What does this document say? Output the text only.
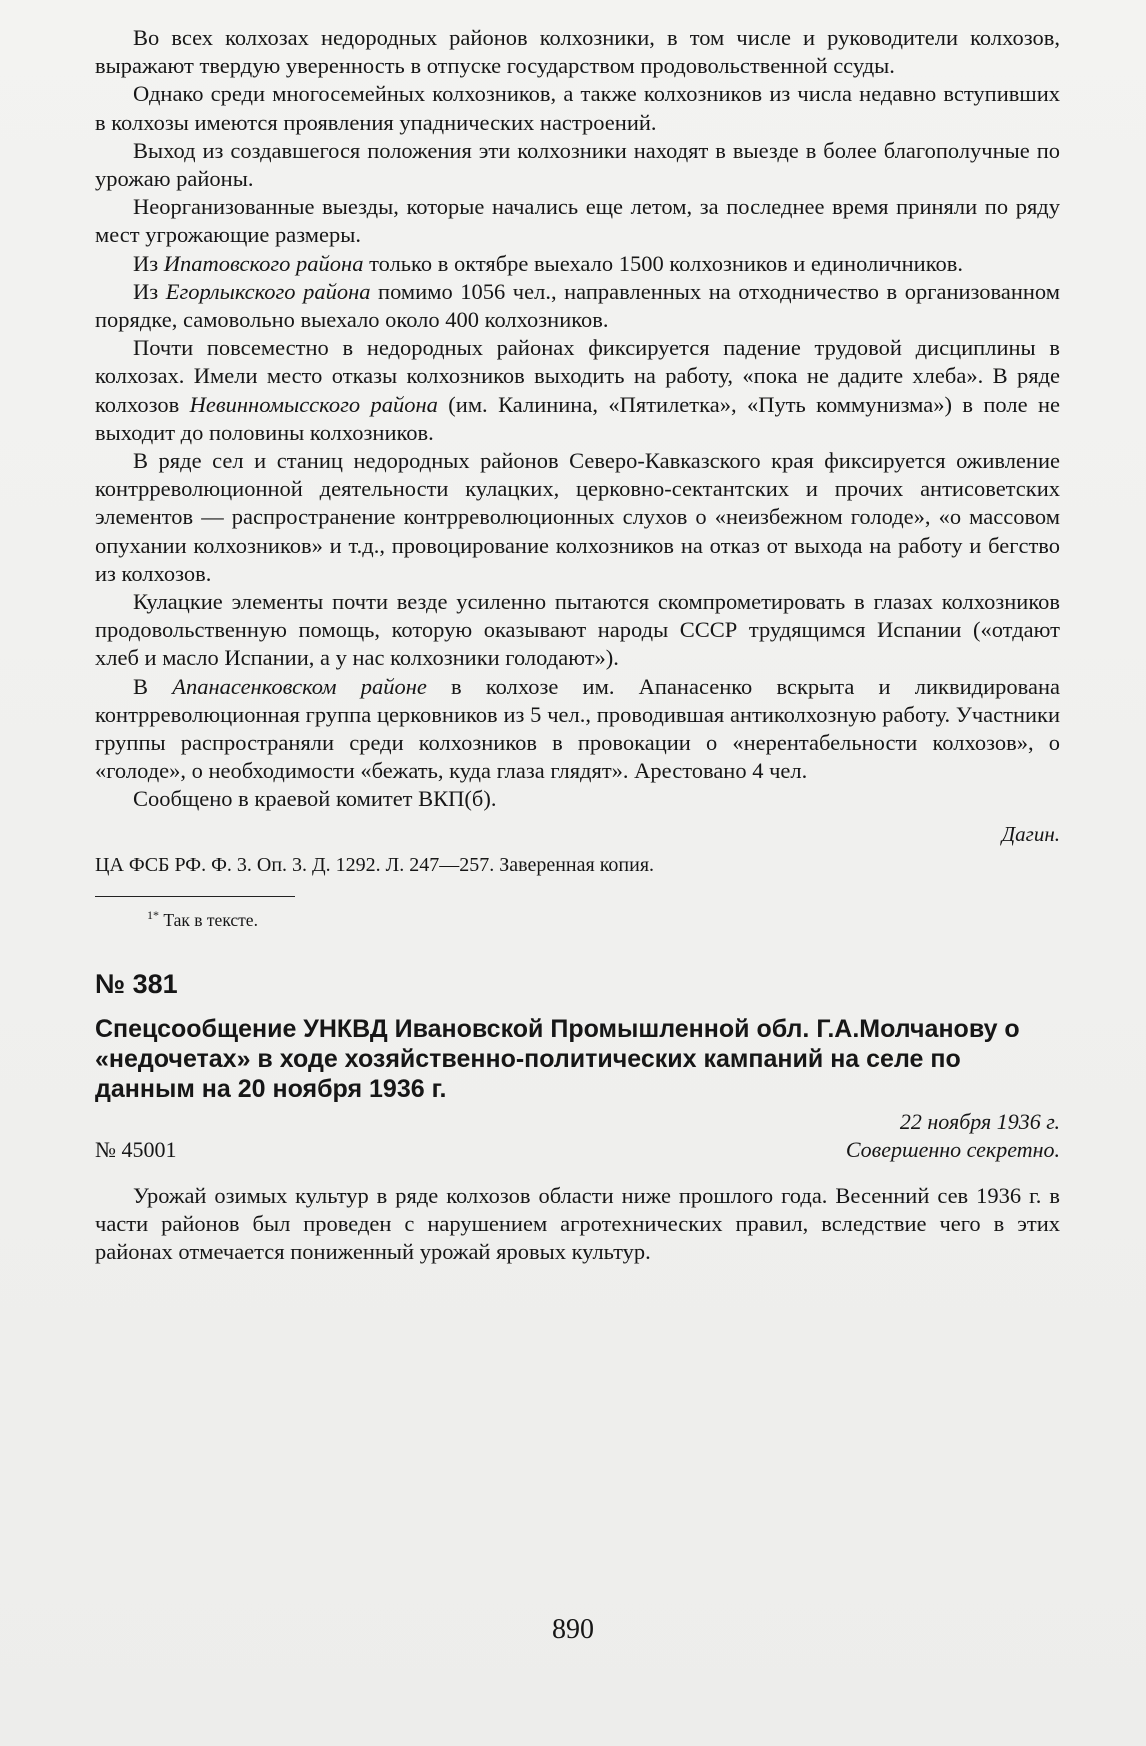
Во всех колхозах недородных районов колхозники, в том числе и руководители колхозов, выражают твердую уверенность в отпуске государством продовольственной ссуды.

Однако среди многосемейных колхозников, а также колхозников из числа недавно вступивших в колхозы имеются проявления упаднических настроений.

Выход из создавшегося положения эти колхозники находят в выезде в более благополучные по урожаю районы.

Неорганизованные выезды, которые начались еще летом, за последнее время приняли по ряду мест угрожающие размеры.

Из Ипатовского района только в октябре выехало 1500 колхозников и единоличников.

Из Егорлыкского района помимо 1056 чел., направленных на отходничество в организованном порядке, самовольно выехало около 400 колхозников.

Почти повсеместно в недородных районах фиксируется падение трудовой дисциплины в колхозах. Имели место отказы колхозников выходить на работу, «пока не дадите хлеба». В ряде колхозов Невинномысского района (им. Калинина, «Пятилетка», «Путь коммунизма») в поле не выходит до половины колхозников.

В ряде сел и станиц недородных районов Северо-Кавказского края фиксируется оживление контрреволюционной деятельности кулацких, церковно-сектантских и прочих антисоветских элементов — распространение контрреволюционных слухов о «неизбежном голоде», «о массовом опухании колхозников» и т.д., провоцирование колхозников на отказ от выхода на работу и бегство из колхозов.

Кулацкие элементы почти везде усиленно пытаются скомпрометировать в глазах колхозников продовольственную помощь, которую оказывают народы СССР трудящимся Испании («отдают хлеб и масло Испании, а у нас колхозники голодают»).

В Апанасенковском районе в колхозе им. Апанасенко вскрыта и ликвидирована контрреволюционная группа церковников из 5 чел., проводившая антиколхозную работу. Участники группы распространяли среди колхозников в провокации о «нерентабельности колхозов», о «голоде», о необходимости «бежать, куда глаза глядят». Арестовано 4 чел.

Сообщено в краевой комитет ВКП(б).

Дагин.

ЦА ФСБ РФ. Ф. 3. Оп. 3. Д. 1292. Л. 247—257. Заверенная копия.

$^{1*}$ Так в тексте.

№ 381
Спецсообщение УНКВД Ивановской Промышленной обл. Г.А.Молчанову о «недочетах» в ходе хозяйственно-политических кампаний на селе по данным на 20 ноября 1936 г.
22 ноября 1936 г.
№ 45001	Совершенно секретно.

Урожай озимых культур в ряде колхозов области ниже прошлого года. Весенний сев 1936 г. в части районов был проведен с нарушением агротехнических правил, вследствие чего в этих районах отмечается пониженный урожай яровых культур.

890
